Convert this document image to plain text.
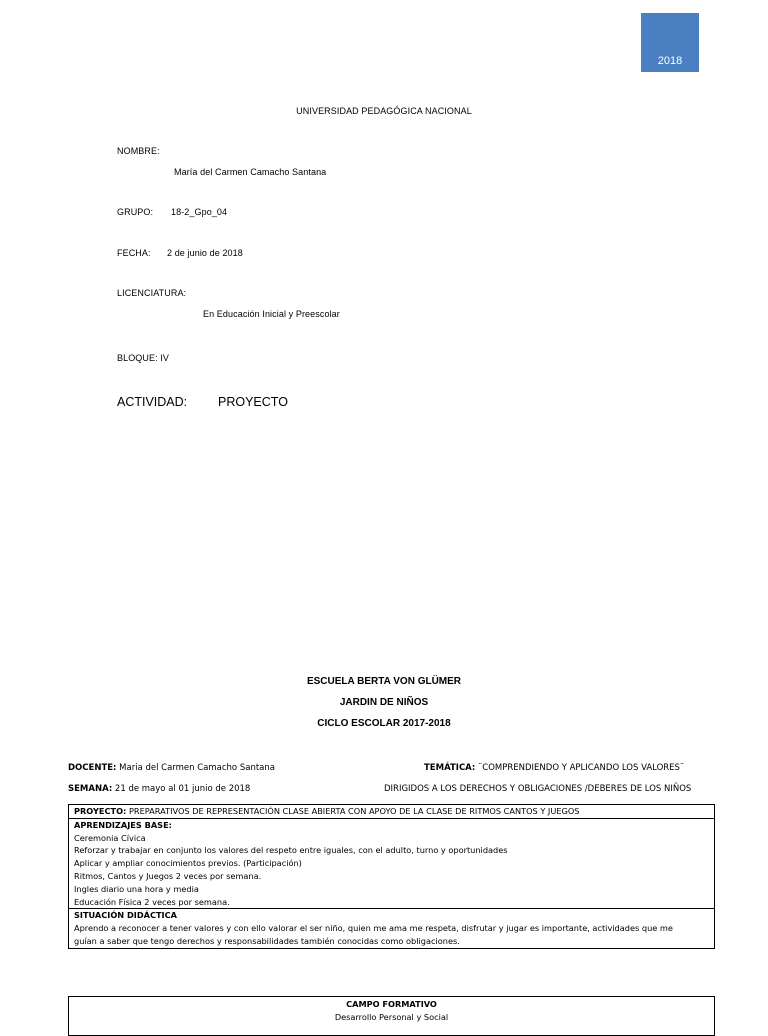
2018
UNIVERSIDAD PEDAGÓGICA NACIONAL
NOMBRE:
María del Carmen Camacho Santana
GRUPO: 18-2_Gpo_04
FECHA: 2 de junio de 2018
LICENCIATURA:
En Educación Inicial y Preescolar
BLOQUE: IV
ACTIVIDAD: PROYECTO
ESCUELA BERTA VON GLÜMER
JARDIN DE NIÑOS
CICLO ESCOLAR 2017-2018
DOCENTE: Maria del Carmen Camacho Santana	TEMÁTICA: ¨COMPRENDIENDO Y APLICANDO LOS VALORES¨
SEMANA: 21 de mayo al 01 junio de 2018	DIRIGIDOS A LOS DERECHOS Y OBLIGACIONES /DEBERES DE LOS NIÑOS
PROYECTO: PREPARATIVOS DE REPRESENTACIÓN CLASE ABIERTA CON APOYO DE LA CLASE DE RITMOS CANTOS Y JUEGOS

APRENDIZAJES BASE:
Ceremonia Cívica
Reforzar y trabajar en conjunto los valores del respeto entre iguales, con el adulto, turno y oportunidades
Aplicar y ampliar conocimientos previos. (Participación)
Ritmos, Cantos y Juegos 2 veces por semana.
Ingles diario una hora y media
Educación Física 2 veces por semana.

SITUACIÓN DIDÁCTICA
Aprendo a reconocer a tener valores y con ello valorar el ser niño, quien me ama me respeta, disfrutar y jugar es importante, actividades que me
guían a saber que tengo derechos y responsabilidades también conocidas como obligaciones.
CAMPO FORMATIVO
Desarrollo Personal y Social
